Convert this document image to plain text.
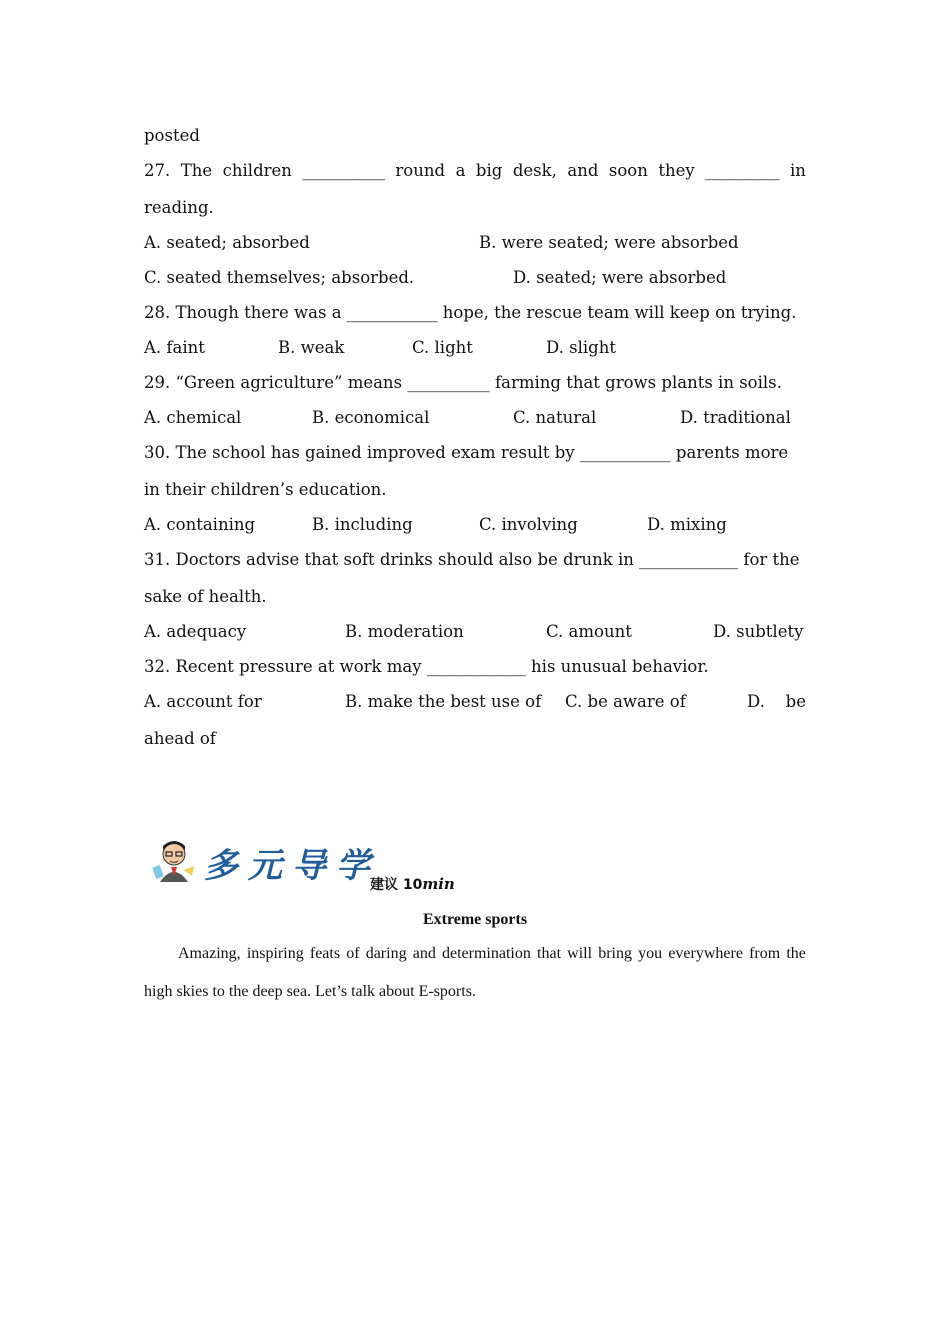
posted
27. The children __________ round a big desk, and soon they _________ in
reading.
A. seated; absorbed	B. were seated; were absorbed
C. seated themselves; absorbed.	D. seated; were absorbed
28. Though there was a ___________ hope, the rescue team will keep on trying.
A. faint	B. weak	C. light	D. slight
29. “Green agriculture” means __________ farming that grows plants in soils.
A. chemical	B. economical	C. natural	D. traditional
30. The school has gained improved exam result by ___________ parents more
in their children’s education.
A. containing	B. including	C. involving	D. mixing
31. Doctors advise that soft drinks should also be drunk in ____________ for the
sake of health.
A. adequacy	B. moderation	C. amount	D. subtlety
32. Recent pressure at work may ____________ his unusual behavior.
A. account for	B. make the best use of C. be aware of	D. be
ahead of
多元导学
建议 10min
Extreme sports
Amazing, inspiring feats of daring and determination that will bring you everywhere from the
high skies to the deep sea. Let’s talk about E-sports.
